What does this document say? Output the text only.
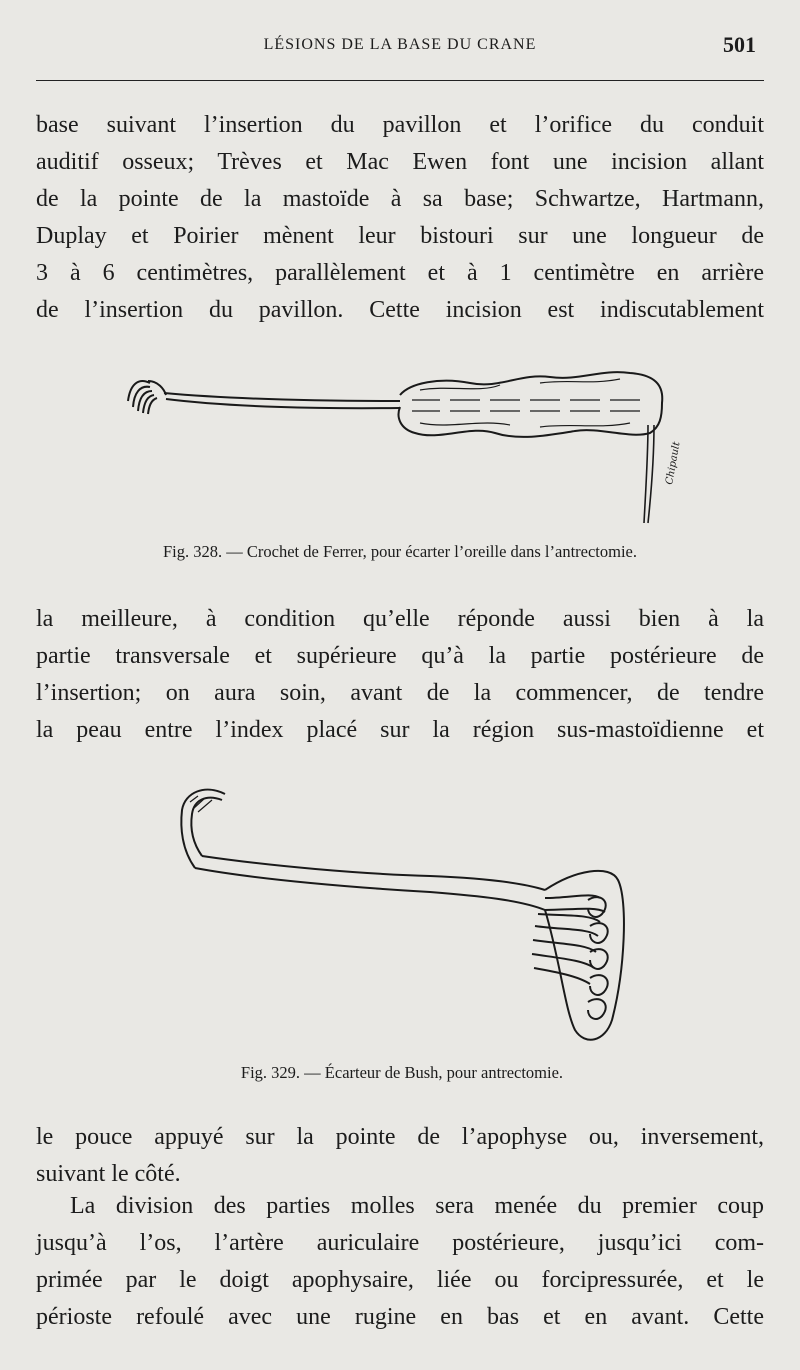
LÉSIONS DE LA BASE DU CRANE	501
base suivant l’insertion du pavillon et l’orifice du conduit
auditif osseux; Trèves et Mac Ewen font une incision allant
de la pointe de la mastoïde à sa base; Schwartze, Hartmann,
Duplay et Poirier mènent leur bistouri sur une longueur de
3 à 6 centimètres, parallèlement et à 1 centimètre en arrière
de l’insertion du pavillon. Cette incision est indiscutablement
Chipault
Fig. 328. — Crochet de Ferrer, pour écarter l’oreille dans l’antrectomie.
la meilleure, à condition qu’elle réponde aussi bien à la
partie transversale et supérieure qu’à la partie postérieure de
l’insertion; on aura soin, avant de la commencer, de tendre
la peau entre l’index placé sur la région sus-mastoïdienne et
Fig. 329. — Écarteur de Bush, pour antrectomie.
le pouce appuyé sur la pointe de l’apophyse ou, inversement,
suivant le côté.
La division des parties molles sera menée du premier coup
jusqu’à l’os, l’artère auriculaire postérieure, jusqu’ici com-
primée par le doigt apophysaire, liée ou forcipressurée, et le
périoste refoulé avec une rugine en bas et en avant. Cette
